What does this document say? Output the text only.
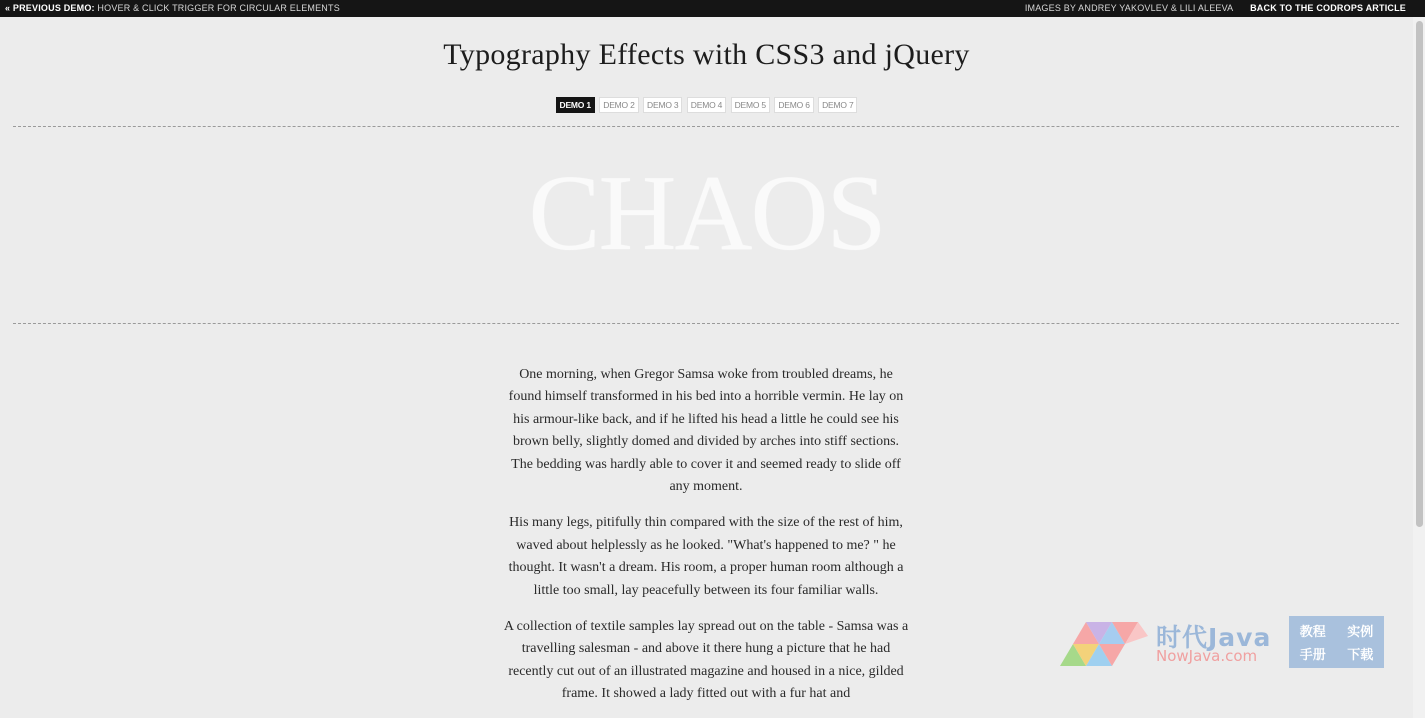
« PREVIOUS DEMO: HOVER & CLICK TRIGGER FOR CIRCULAR ELEMENTS	IMAGES BY ANDREY YAKOVLEV & LILI ALEEVA BACK TO THE CODROPS ARTICLE
Typography Effects with CSS3 and jQuery
DEMO 1 DEMO 2 DEMO 3 DEMO 4 DEMO 5 DEMO 6 DEMO 7
CHAOS

One morning, when Gregor Samsa woke from troubled dreams, he found himself transformed in his bed into a horrible vermin. He lay on his armour-like back, and if he lifted his head a little he could see his brown belly, slightly domed and divided by arches into stiff sections. The bedding was hardly able to cover it and seemed ready to slide off any moment.

His many legs, pitifully thin compared with the size of the rest of him, waved about helplessly as he looked. "What's happened to me? " he thought. It wasn't a dream. His room, a proper human room although a little too small, lay peacefully between its four familiar walls.

A collection of textile samples lay spread out on the table - Samsa was a travelling salesman - and above it there hung a picture that he had recently cut out of an illustrated magazine and housed in a nice, gilded frame. It showed a lady fitted out with a fur hat and

时代Java
NowJava.com
教程 实例
手册 下载
